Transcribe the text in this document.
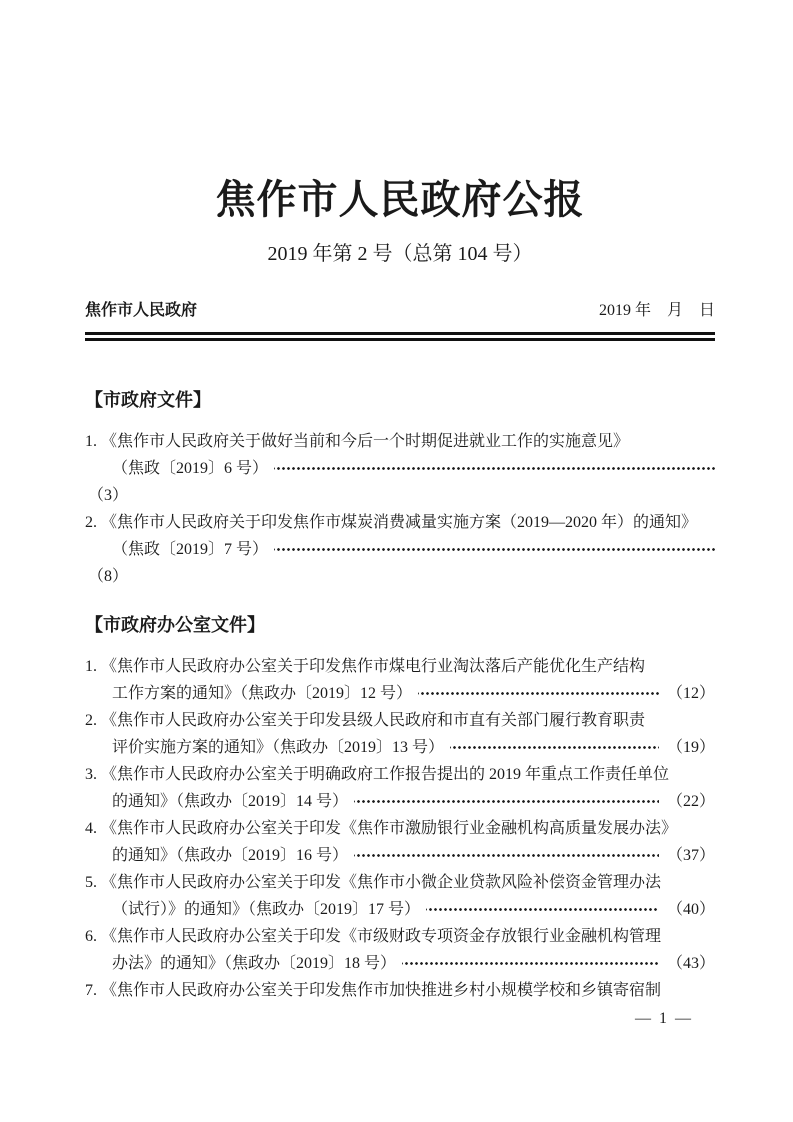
焦作市人民政府公报
2019 年第 2 号（总第 104 号）
焦作市人民政府	2019 年　月　日
【市政府文件】
1. 《焦作市人民政府关于做好当前和今后一个时期促进就业工作的实施意见》
（焦政〔2019〕6 号）
（3）
2. 《焦作市人民政府关于印发焦作市煤炭消费减量实施方案（2019—2020 年）的通知》
（焦政〔2019〕7 号）
（8）
【市政府办公室文件】
1. 《焦作市人民政府办公室关于印发焦作市煤电行业淘汰落后产能优化生产结构
工作方案的通知》（焦政办〔2019〕12 号）	（12）
2. 《焦作市人民政府办公室关于印发县级人民政府和市直有关部门履行教育职责
评价实施方案的通知》（焦政办〔2019〕13 号）	（19）
3. 《焦作市人民政府办公室关于明确政府工作报告提出的 2019 年重点工作责任单位
的通知》（焦政办〔2019〕14 号）	（22）
4. 《焦作市人民政府办公室关于印发《焦作市激励银行业金融机构高质量发展办法》
的通知》（焦政办〔2019〕16 号）	（37）
5. 《焦作市人民政府办公室关于印发《焦作市小微企业贷款风险补偿资金管理办法
（试行）》的通知》（焦政办〔2019〕17 号）	（40）
6. 《焦作市人民政府办公室关于印发《市级财政专项资金存放银行业金融机构管理
办法》的通知》（焦政办〔2019〕18 号）	（43）
7. 《焦作市人民政府办公室关于印发焦作市加快推进乡村小规模学校和乡镇寄宿制
— 1 —
